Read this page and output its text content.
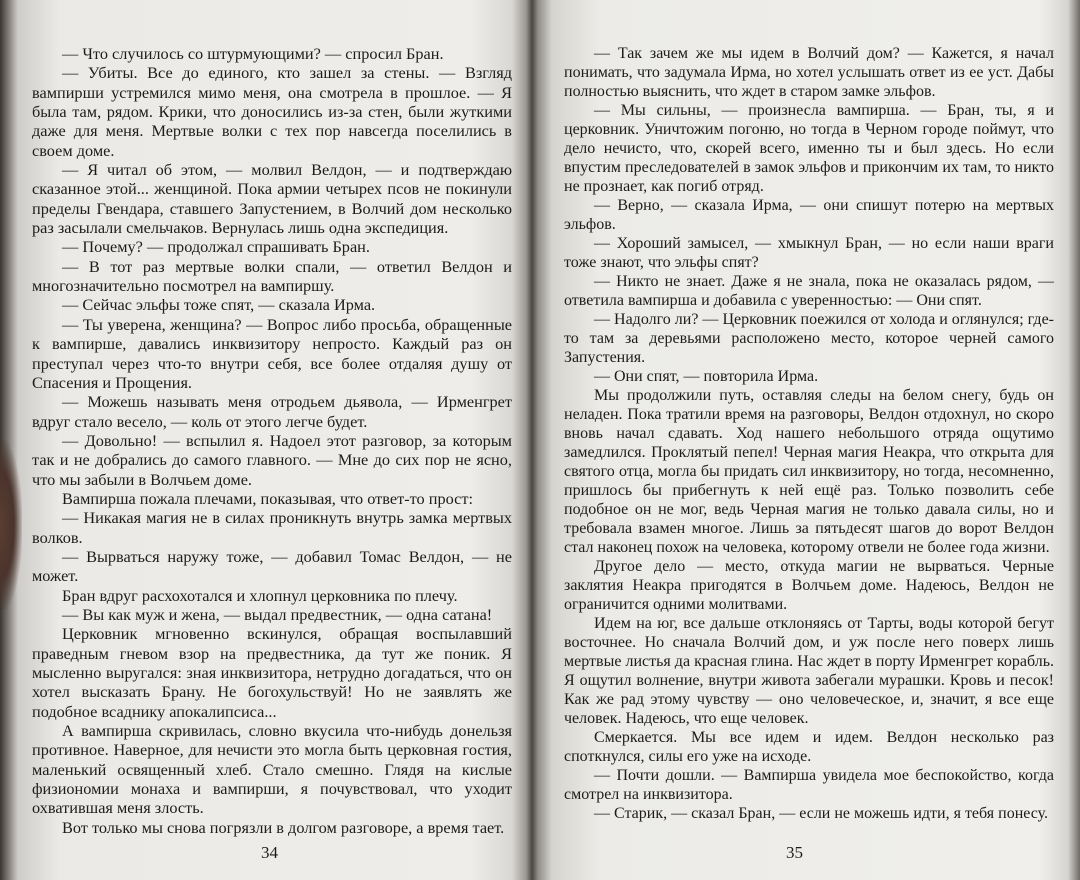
— Что случилось со штурмующими? — спросил Бран.

— Убиты. Все до единого, кто зашел за стены. — Взгляд вампирши устремился мимо меня, она смотрела в прошлое. — Я была там, рядом. Крики, что доносились из-за стен, были жуткими даже для меня. Мертвые волки с тех пор навсегда поселились в своем доме.

— Я читал об этом, — молвил Велдон, — и подтверждаю сказанное этой... женщиной. Пока армии четырех псов не покинули пределы Гвендара, ставшего Запустением, в Волчий дом несколько раз засылали смельчаков. Вернулась лишь одна экспедиция.

— Почему? — продолжал спрашивать Бран.

— В тот раз мертвые волки спали, — ответил Велдон и многозначительно посмотрел на вампиршу.

— Сейчас эльфы тоже спят, — сказала Ирма.

— Ты уверена, женщина? — Вопрос либо просьба, обращенные к вампирше, давались инквизитору непросто. Каждый раз он преступал через что-то внутри себя, все более отдаляя душу от Спасения и Прощения.

— Можешь называть меня отродьем дьявола, — Ирменгрет вдруг стало весело, — коль от этого легче будет.

— Довольно! — вспылил я. Надоел этот разговор, за которым так и не добрались до самого главного. — Мне до сих пор не ясно, что мы забыли в Волчьем доме.

Вампирша пожала плечами, показывая, что ответ-то прост:

— Никакая магия не в силах проникнуть внутрь замка мертвых волков.

— Вырваться наружу тоже, — добавил Томас Велдон, — не может.

Бран вдруг расхохотался и хлопнул церковника по плечу.

— Вы как муж и жена, — выдал предвестник, — одна сатана!

Церковник мгновенно вскинулся, обращая воспылавший праведным гневом взор на предвестника, да тут же поник. Я мысленно выругался: зная инквизитора, нетрудно догадаться, что он хотел высказать Брану. Не богохульствуй! Но не заявлять же подобное всаднику апокалипсиса...

А вампирша скривилась, словно вкусила что-нибудь донельзя противное. Наверное, для нечисти это могла быть церковная гостия, маленький освященный хлеб. Стало смешно. Глядя на кислые физиономии монаха и вампирши, я почувствовал, что уходит охватившая меня злость.

Вот только мы снова погрязли в долгом разговоре, а время тает.

34

— Так зачем же мы идем в Волчий дом? — Кажется, я начал понимать, что задумала Ирма, но хотел услышать ответ из ее уст. Дабы полностью выяснить, что ждет в старом замке эльфов.

— Мы сильны, — произнесла вампирша. — Бран, ты, я и церковник. Уничтожим погоню, но тогда в Черном городе поймут, что дело нечисто, что, скорей всего, именно ты и был здесь. Но если впустим преследователей в замок эльфов и прикончим их там, то никто не прознает, как погиб отряд.

— Верно, — сказала Ирма, — они спишут потерю на мертвых эльфов.

— Хороший замысел, — хмыкнул Бран, — но если наши враги тоже знают, что эльфы спят?

— Никто не знает. Даже я не знала, пока не оказалась рядом, — ответила вампирша и добавила с уверенностью: — Они спят.

— Надолго ли? — Церковник поежился от холода и оглянулся; где-то там за деревьями расположено место, которое черней самого Запустения.

— Они спят, — повторила Ирма.

Мы продолжили путь, оставляя следы на белом снегу, будь он неладен. Пока тратили время на разговоры, Велдон отдохнул, но скоро вновь начал сдавать. Ход нашего небольшого отряда ощутимо замедлился. Проклятый пепел! Черная магия Неакра, что открыта для святого отца, могла бы придать сил инквизитору, но тогда, несомненно, пришлось бы прибегнуть к ней ещё раз. Только позволить себе подобное он не мог, ведь Черная магия не только давала силы, но и требовала взамен многое. Лишь за пятьдесят шагов до ворот Велдон стал наконец похож на человека, которому отвели не более года жизни.

Другое дело — место, откуда магии не вырваться. Черные заклятия Неакра пригодятся в Волчьем доме. Надеюсь, Велдон не ограничится одними молитвами.

Идем на юг, все дальше отклоняясь от Тарты, воды которой бегут восточнее. Но сначала Волчий дом, и уж после него поверх лишь мертвые листья да красная глина. Нас ждет в порту Ирменгрет корабль. Я ощутил волнение, внутри живота забегали мурашки. Кровь и песок! Как же рад этому чувству — оно человеческое, и, значит, я все еще человек. Надеюсь, что еще человек.

Смеркается. Мы все идем и идем. Велдон несколько раз споткнулся, силы его уже на исходе.

— Почти дошли. — Вампирша увидела мое беспокойство, когда смотрел на инквизитора.

— Старик, — сказал Бран, — если не можешь идти, я тебя понесу.

35
